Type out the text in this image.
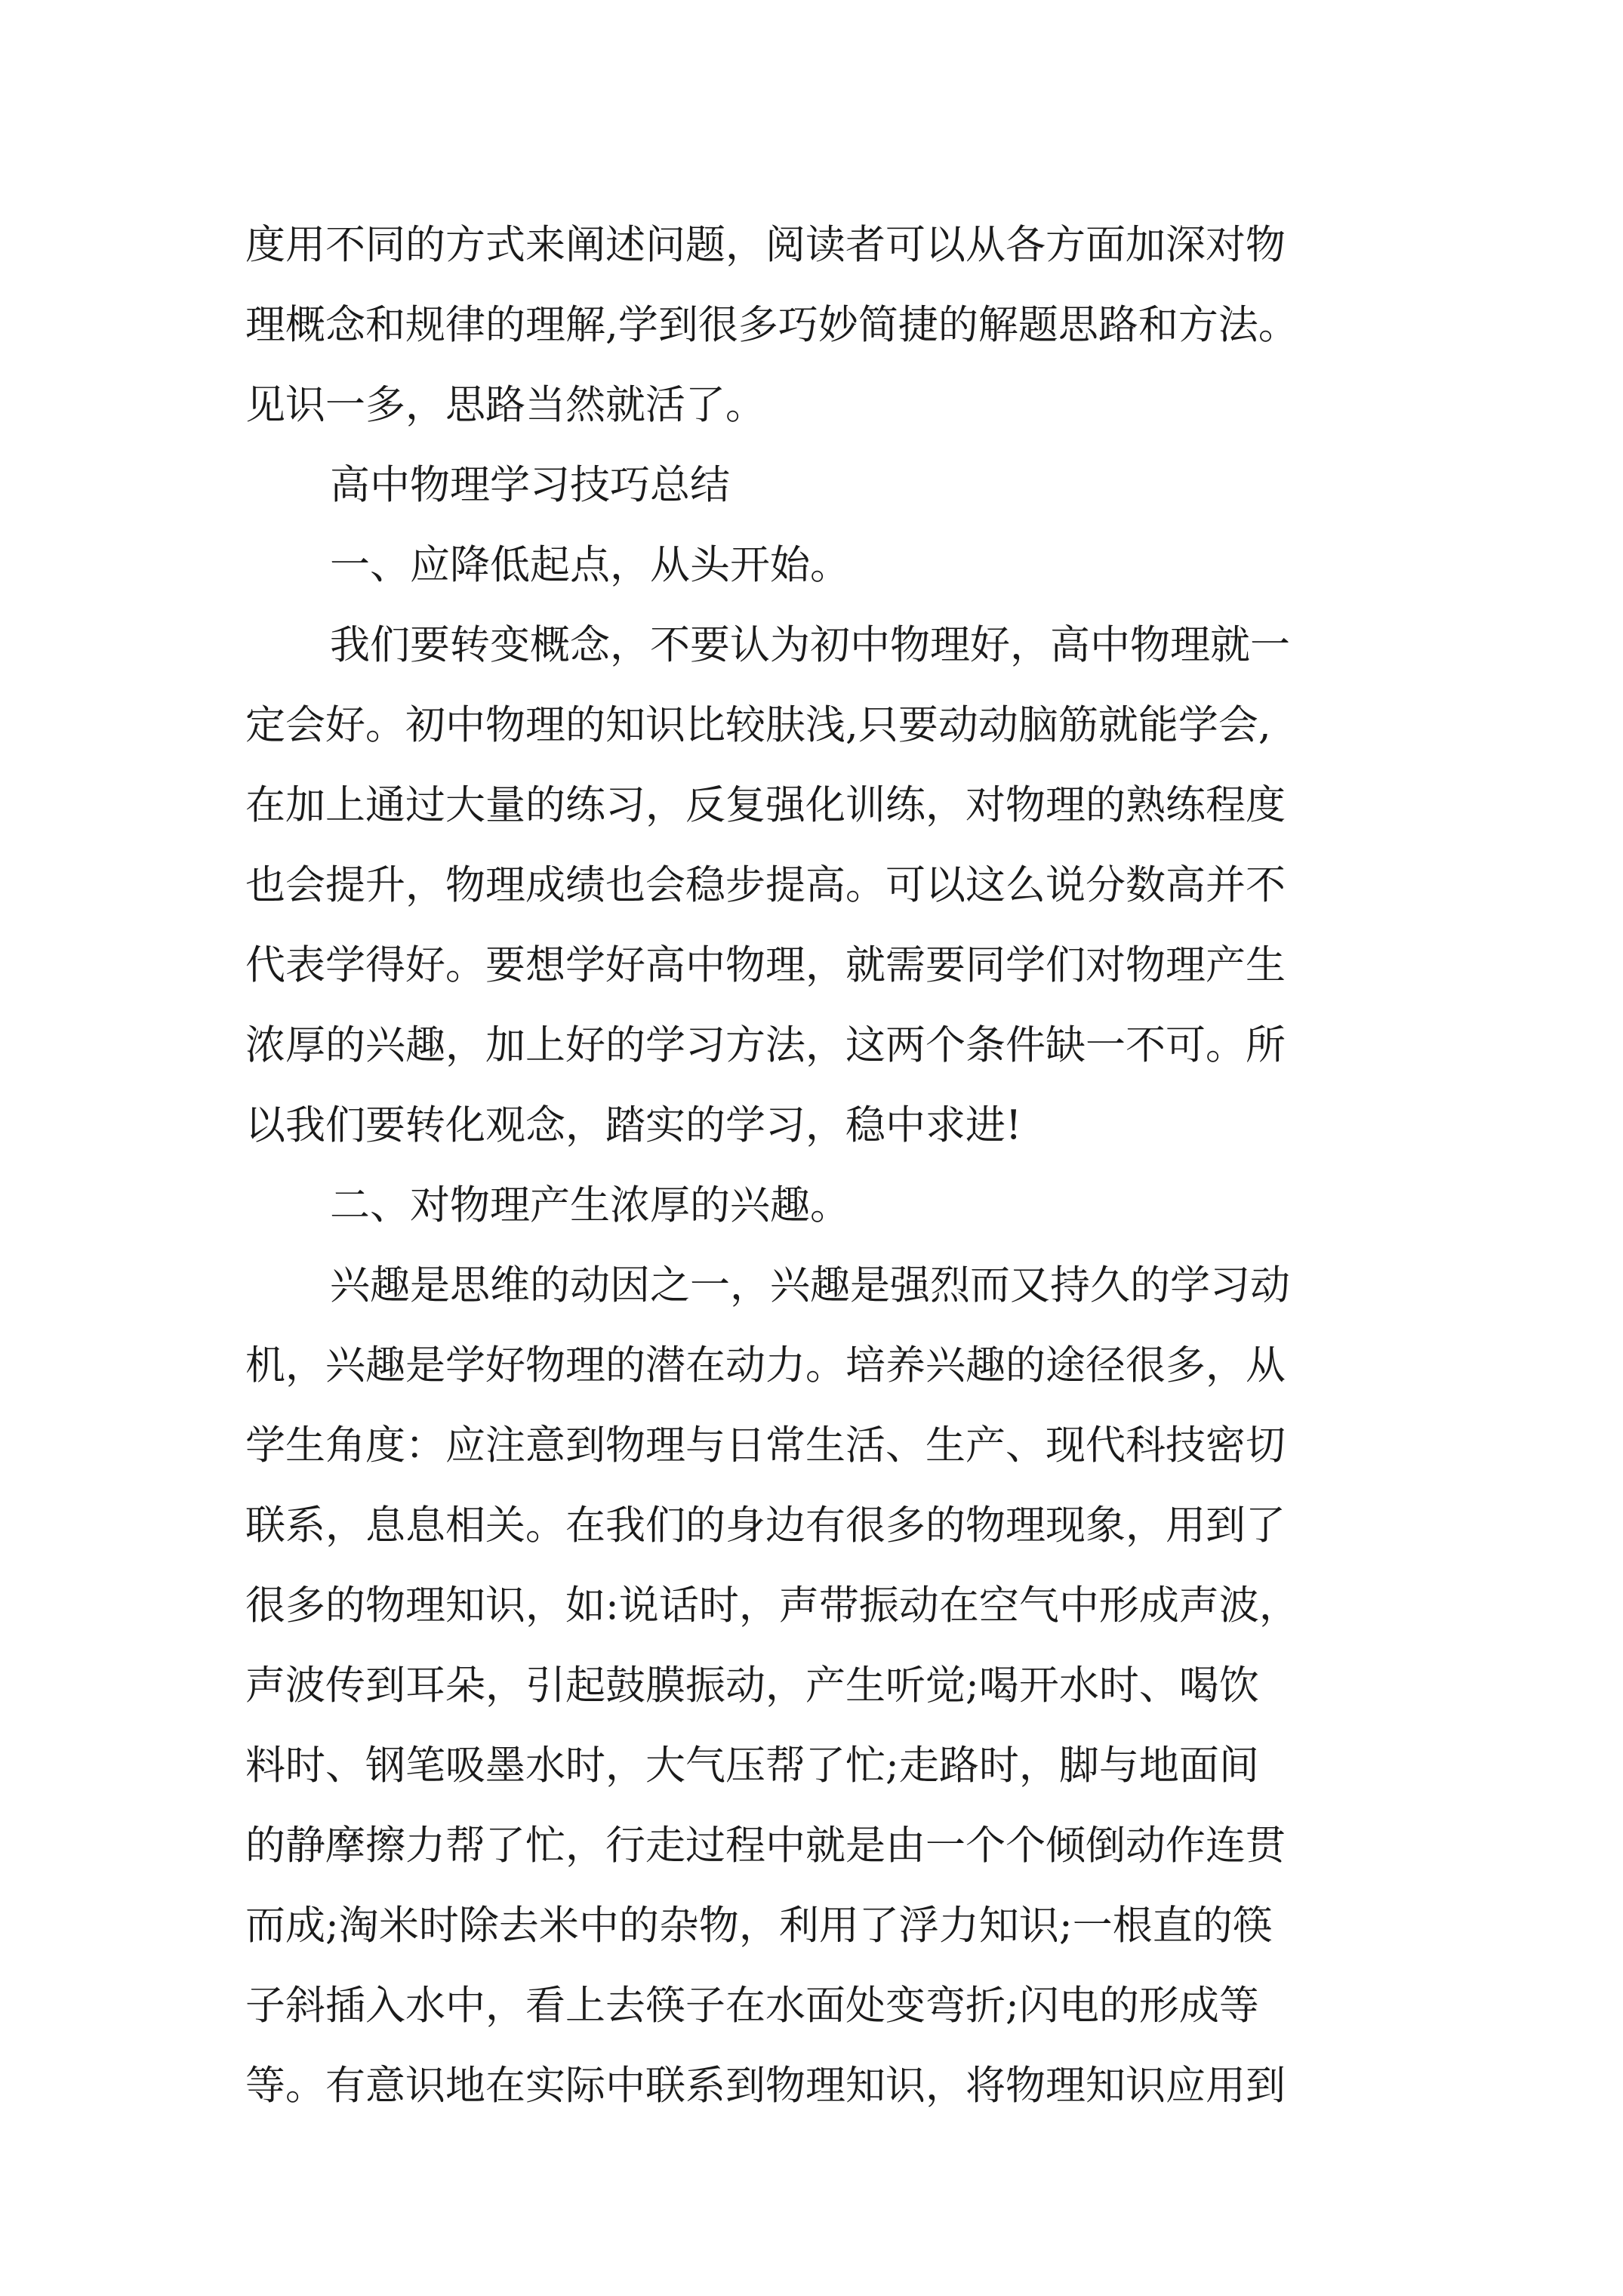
度用不同的方式来阐述问题，阅读者可以从各方面加深对物
理概念和规律的理解,学到很多巧妙简捷的解题思路和方法。
见识一多，思路当然就活了。
高中物理学习技巧总结
一、应降低起点，从头开始。
我们要转变概念，不要认为初中物理好，高中物理就一
定会好。初中物理的知识比较肤浅,只要动动脑筋就能学会,
在加上通过大量的练习，反复强化训练，对物理的熟练程度
也会提升，物理成绩也会稳步提高。可以这么说分数高并不
代表学得好。要想学好高中物理，就需要同学们对物理产生
浓厚的兴趣，加上好的学习方法，这两个条件缺一不可。所
以我们要转化观念，踏实的学习，稳中求进!
二、对物理产生浓厚的兴趣。
兴趣是思维的动因之一，兴趣是强烈而又持久的学习动
机，兴趣是学好物理的潜在动力。培养兴趣的途径很多，从
学生角度：应注意到物理与日常生活、生产、现代科技密切
联系，息息相关。在我们的身边有很多的物理现象，用到了
很多的物理知识，如:说话时，声带振动在空气中形成声波，
声波传到耳朵，引起鼓膜振动，产生听觉;喝开水时、喝饮
料时、钢笔吸墨水时，大气压帮了忙;走路时，脚与地面间
的静摩擦力帮了忙，行走过程中就是由一个个倾倒动作连贯
而成;淘米时除去米中的杂物，利用了浮力知识;一根直的筷
子斜插入水中，看上去筷子在水面处变弯折;闪电的形成等
等。有意识地在实际中联系到物理知识，将物理知识应用到
